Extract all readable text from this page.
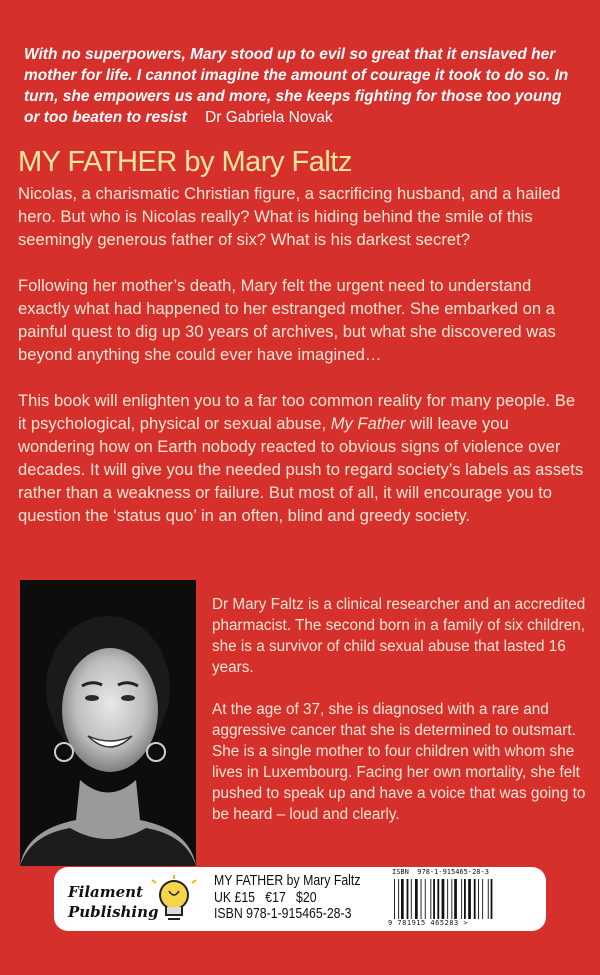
With no superpowers, Mary stood up to evil so great that it enslaved her mother for life. I cannot imagine the amount of courage it took to do so. In turn, she empowers us and more, she keeps fighting for those too young or too beaten to resist Dr Gabriela Novak
MY FATHER by Mary Faltz

Nicolas, a charismatic Christian figure, a sacrificing husband, and a hailed hero. But who is Nicolas really? What is hiding behind the smile of this seemingly generous father of six? What is his darkest secret?

Following her mother’s death, Mary felt the urgent need to understand exactly what had happened to her estranged mother. She embarked on a painful quest to dig up 30 years of archives, but what she discovered was beyond anything she could ever have imagined…

This book will enlighten you to a far too common reality for many people. Be it psychological, physical or sexual abuse, My Father will leave you wondering how on Earth nobody reacted to obvious signs of violence over decades. It will give you the needed push to regard society’s labels as assets rather than a weakness or failure. But most of all, it will encourage you to question the ‘status quo’ in an often, blind and greedy society.

Dr Mary Faltz is a clinical researcher and an accredited pharmacist. The second born in a family of six children, she is a survivor of child sexual abuse that lasted 16 years.

At the age of 37, she is diagnosed with a rare and aggressive cancer that she is determined to outsmart. She is a single mother to four children with whom she lives in Luxembourg. Facing her own mortality, she felt pushed to speak up and have a voice that was going to be heard – loud and clearly.

Filament
Publishing
MY FATHER by Mary Faltz
UK £15   €17   $20
ISBN 978-1-915465-28-3
ISBN  978-1-915465-28-3
9 781915 465283 >
